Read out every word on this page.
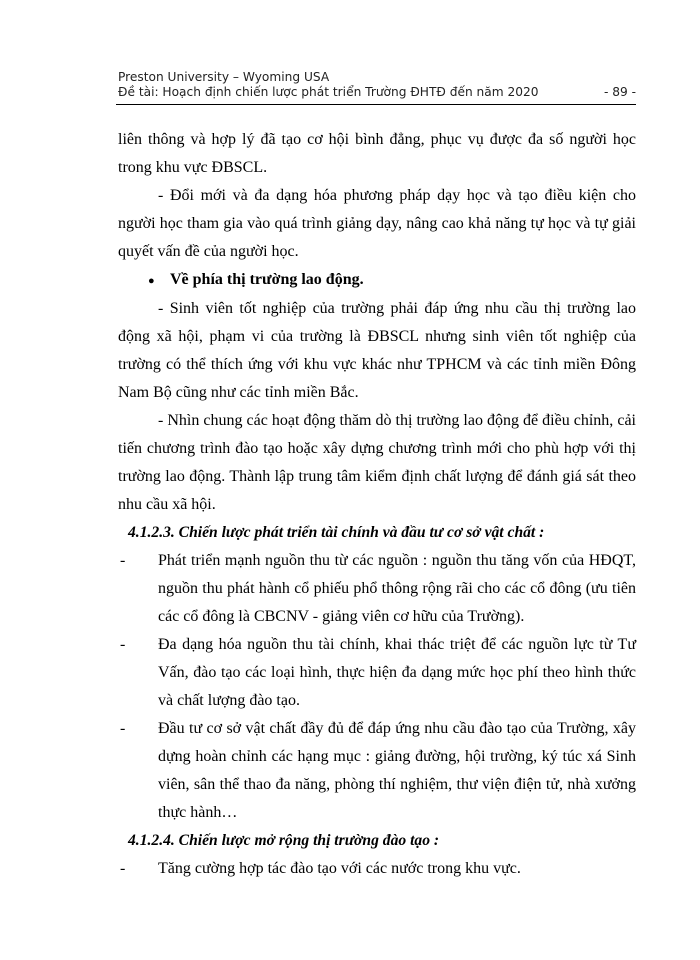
Preston University – Wyoming USA
Đề tài: Hoạch định chiến lược phát triển Trường ĐHTĐ đến năm 2020	- 89 -

liên thông và hợp lý đã tạo cơ hội bình đẳng, phục vụ được đa số người học trong khu vực ĐBSCL.

- Đổi mới và đa dạng hóa phương pháp dạy học và tạo điều kiện cho người học tham gia vào quá trình giảng dạy, nâng cao khả năng tự học và tự giải quyết vấn đề của người học.

● Về phía thị trường lao động.

- Sinh viên tốt nghiệp của trường phải đáp ứng nhu cầu thị trường lao động xã hội, phạm vi của trường là ĐBSCL nhưng sinh viên tốt nghiệp của trường có thể thích ứng với khu vực khác như TPHCM và các tỉnh miền Đông Nam Bộ cũng như các tỉnh miền Bắc.

- Nhìn chung các hoạt động thăm dò thị trường lao động để điều chỉnh, cải tiến chương trình đào tạo hoặc xây dựng chương trình mới cho phù hợp với thị trường lao động. Thành lập trung tâm kiểm định chất lượng để đánh giá sát theo nhu cầu xã hội.

4.1.2.3. Chiến lược phát triển tài chính và đầu tư cơ sở vật chất :

-	Phát triển mạnh nguồn thu từ các nguồn : nguồn thu tăng vốn của HĐQT, nguồn thu phát hành cổ phiếu phổ thông rộng rãi cho các cổ đông (ưu tiên các cổ đông là CBCNV - giảng viên cơ hữu của Trường).
-	Đa dạng hóa nguồn thu tài chính, khai thác triệt để các nguồn lực từ Tư Vấn, đào tạo các loại hình, thực hiện đa dạng mức học phí theo hình thức và chất lượng đào tạo.
-	Đầu tư cơ sở vật chất đầy đủ để đáp ứng nhu cầu đào tạo của Trường, xây dựng hoàn chỉnh các hạng mục : giảng đường, hội trường, ký túc xá Sinh viên, sân thể thao đa năng, phòng thí nghiệm, thư viện điện tử, nhà xưởng thực hành…

4.1.2.4. Chiến lược mở rộng thị trường đào tạo :

-	Tăng cường hợp tác đào tạo với các nước trong khu vực.
